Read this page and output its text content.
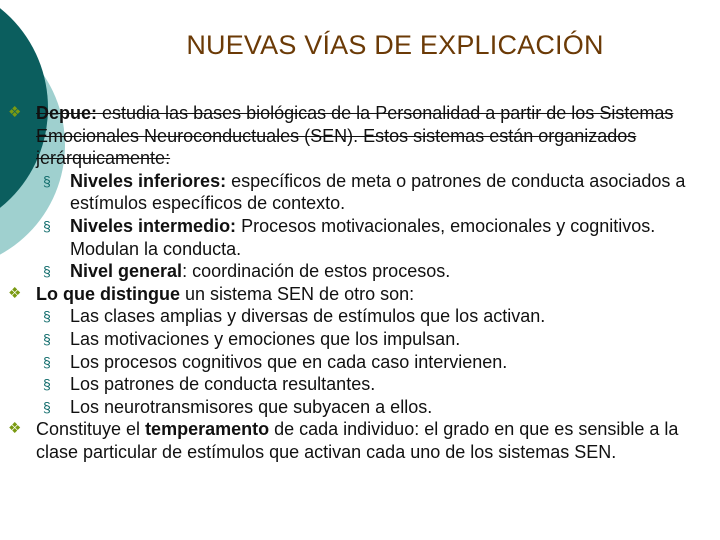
NUEVAS VÍAS DE EXPLICACIÓN
❖ Depue: estudia las bases biológicas de la Personalidad a partir de los Sistemas Emocionales Neuroconductuales (SEN). Estos sistemas están organizados jerárquicamente:
§ Niveles inferiores: específicos de meta o patrones de conducta asociados a estímulos específicos de contexto.
§ Niveles intermedio: Procesos motivacionales, emocionales y cognitivos. Modulan la conducta.
§ Nivel general: coordinación de estos procesos.
❖ Lo que distingue un sistema SEN de otro son:
§ Las clases amplias y diversas de estímulos que los activan.
§ Las motivaciones y emociones que los impulsan.
§ Los procesos cognitivos que en cada caso intervienen.
§ Los patrones de conducta resultantes.
§ Los neurotransmisores que subyacen a ellos.
❖ Constituye el temperamento de cada individuo: el grado en que es sensible a la clase particular de estímulos que activan cada uno de los sistemas SEN.
